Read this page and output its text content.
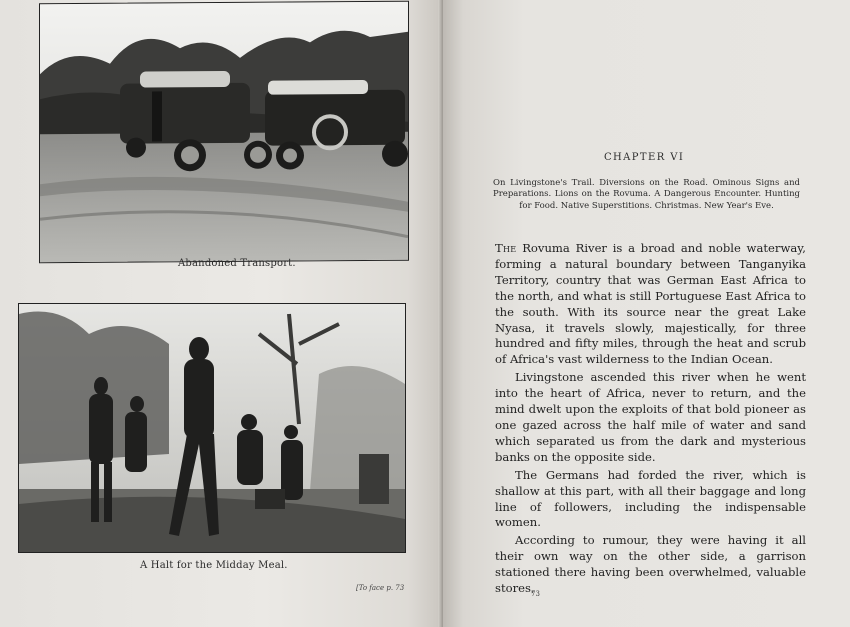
Abandoned Transport.
A Halt for the Midday Meal.
[To face p. 73
CHAPTER VI
On Livingstone's Trail. Diversions on the Road. Ominous Signs and Preparations. Lions on the Rovuma. A Dangerous Encounter. Hunting for Food. Native Superstitions. Christmas. New Year's Eve.

The Rovuma River is a broad and noble waterway, forming a natural boundary between Tanganyika Territory, country that was German East Africa to the north, and what is still Portuguese East Africa to the south. With its source near the great Lake Nyasa, it travels slowly, majestically, for three hundred and fifty miles, through the heat and scrub of Africa's vast wilderness to the Indian Ocean.

Livingstone ascended this river when he went into the heart of Africa, never to return, and the mind dwelt upon the exploits of that bold pioneer as one gazed across the half mile of water and sand which separated us from the dark and mysterious banks on the opposite side.

The Germans had forded the river, which is shallow at this part, with all their baggage and long line of followers, including the indispensable women.

According to rumour, they were having it all their own way on the other side, a garrison stationed there having been overwhelmed, valuable stores,

73
